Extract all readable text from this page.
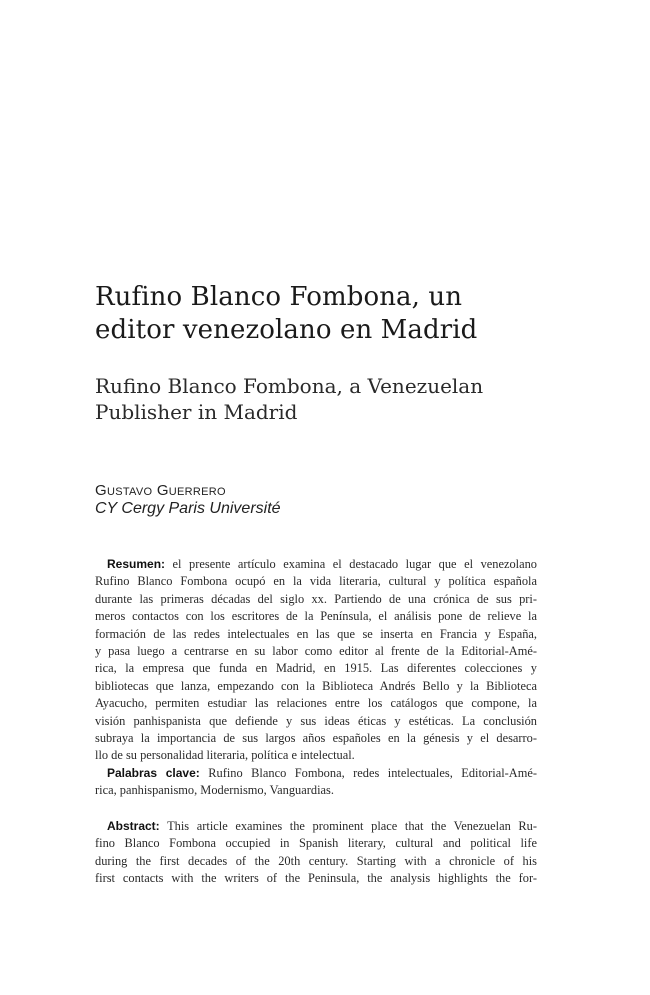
Rufino Blanco Fombona, un
editor venezolano en Madrid
Rufino Blanco Fombona, a Venezuelan
Publisher in Madrid
Gustavo Guerrero
CY Cergy Paris Université
Resumen: el presente artículo examina el destacado lugar que el venezolano
Rufino Blanco Fombona ocupó en la vida literaria, cultural y política española
durante las primeras décadas del siglo xx. Partiendo de una crónica de sus pri-
meros contactos con los escritores de la Península, el análisis pone de relieve la
formación de las redes intelectuales en las que se inserta en Francia y España,
y pasa luego a centrarse en su labor como editor al frente de la Editorial-Amé-
rica, la empresa que funda en Madrid, en 1915. Las diferentes colecciones y
bibliotecas que lanza, empezando con la Biblioteca Andrés Bello y la Biblioteca
Ayacucho, permiten estudiar las relaciones entre los catálogos que compone, la
visión panhispanista que defiende y sus ideas éticas y estéticas. La conclusión
subraya la importancia de sus largos años españoles en la génesis y el desarro-
llo de su personalidad literaria, política e intelectual.
Palabras clave: Rufino Blanco Fombona, redes intelectuales, Editorial-Amé-
rica, panhispanismo, Modernismo, Vanguardias.
Abstract: This article examines the prominent place that the Venezuelan Ru-
fino Blanco Fombona occupied in Spanish literary, cultural and political life
during the first decades of the 20th century. Starting with a chronicle of his
first contacts with the writers of the Peninsula, the analysis highlights the for-
